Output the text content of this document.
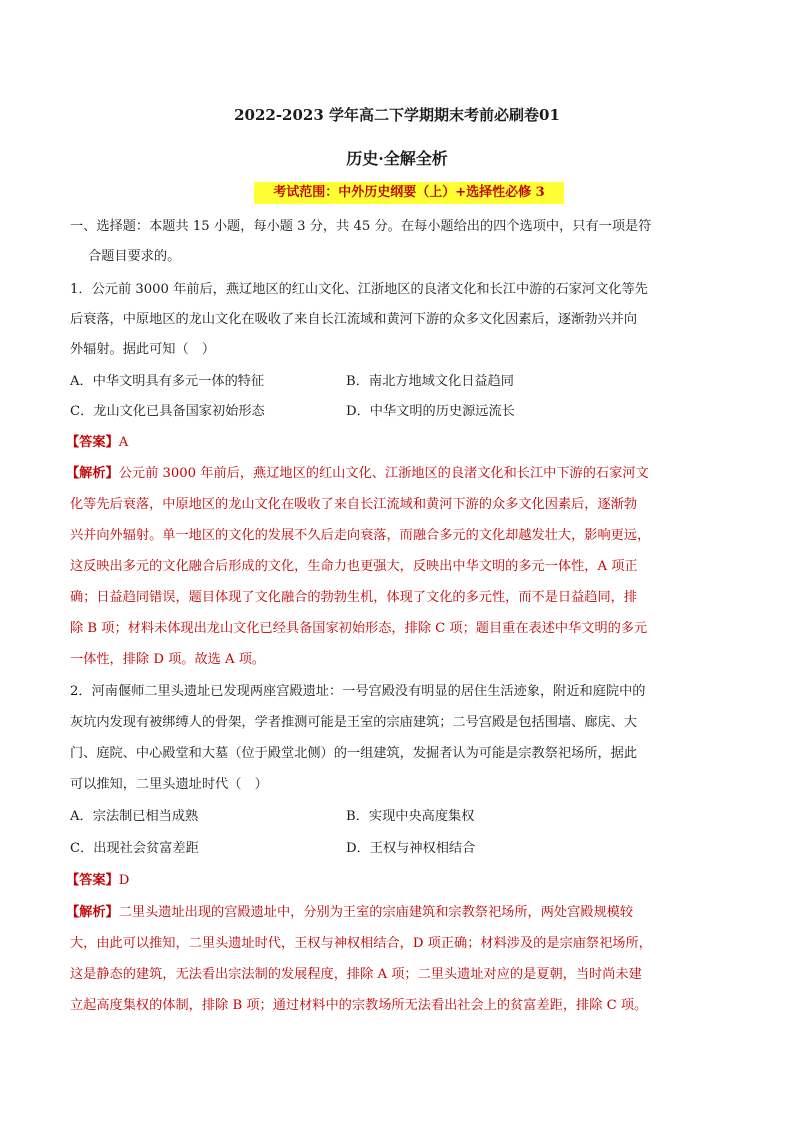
2022-2023 学年高二下学期期末考前必刷卷01
历史·全解全析
考试范围：中外历史纲要（上）+选择性必修 3

一、选择题：本题共 15 小题，每小题 3 分，共 45 分。在每小题给出的四个选项中，只有一项是符

合题目要求的。

1．公元前 3000 年前后，燕辽地区的红山文化、江浙地区的良渚文化和长江中游的石家河文化等先

后衰落，中原地区的龙山文化在吸收了来自长江流域和黄河下游的众多文化因素后，逐渐勃兴并向

外辐射。据此可知（　）

A．中华文明具有多元一体的特征	B．南北方地域文化日益趋同

C．龙山文化已具备国家初始形态	D．中华文明的历史源远流长

【答案】A

【解析】公元前 3000 年前后，燕辽地区的红山文化、江浙地区的良渚文化和长江中下游的石家河文

化等先后衰落，中原地区的龙山文化在吸收了来自长江流域和黄河下游的众多文化因素后，逐渐勃

兴并向外辐射。单一地区的文化的发展不久后走向衰落，而融合多元的文化却越发壮大，影响更远，

这反映出多元的文化融合后形成的文化，生命力也更强大，反映出中华文明的多元一体性，A 项正

确；日益趋同错误，题目体现了文化融合的勃勃生机，体现了文化的多元性，而不是日益趋同，排

除 B 项；材料未体现出龙山文化已经具备国家初始形态，排除 C 项；题目重在表述中华文明的多元

一体性，排除 D 项。故选 A 项。

2．河南偃师二里头遗址已发现两座宫殿遗址：一号宫殿没有明显的居住生活迹象，附近和庭院中的

灰坑内发现有被绑缚人的骨架，学者推测可能是王室的宗庙建筑；二号宫殿是包括围墙、廊庑、大

门、庭院、中心殿堂和大墓（位于殿堂北侧）的一组建筑，发掘者认为可能是宗教祭祀场所，据此

可以推知，二里头遗址时代（　）

A．宗法制已相当成熟	B．实现中央高度集权

C．出现社会贫富差距	D．王权与神权相结合

【答案】D

【解析】二里头遗址出现的宫殿遗址中，分别为王室的宗庙建筑和宗教祭祀场所，两处宫殿规模较

大，由此可以推知，二里头遗址时代，王权与神权相结合，D 项正确；材料涉及的是宗庙祭祀场所，

这是静态的建筑，无法看出宗法制的发展程度，排除 A 项；二里头遗址对应的是夏朝，当时尚未建

立起高度集权的体制，排除 B 项；通过材料中的宗教场所无法看出社会上的贫富差距，排除 C 项。
